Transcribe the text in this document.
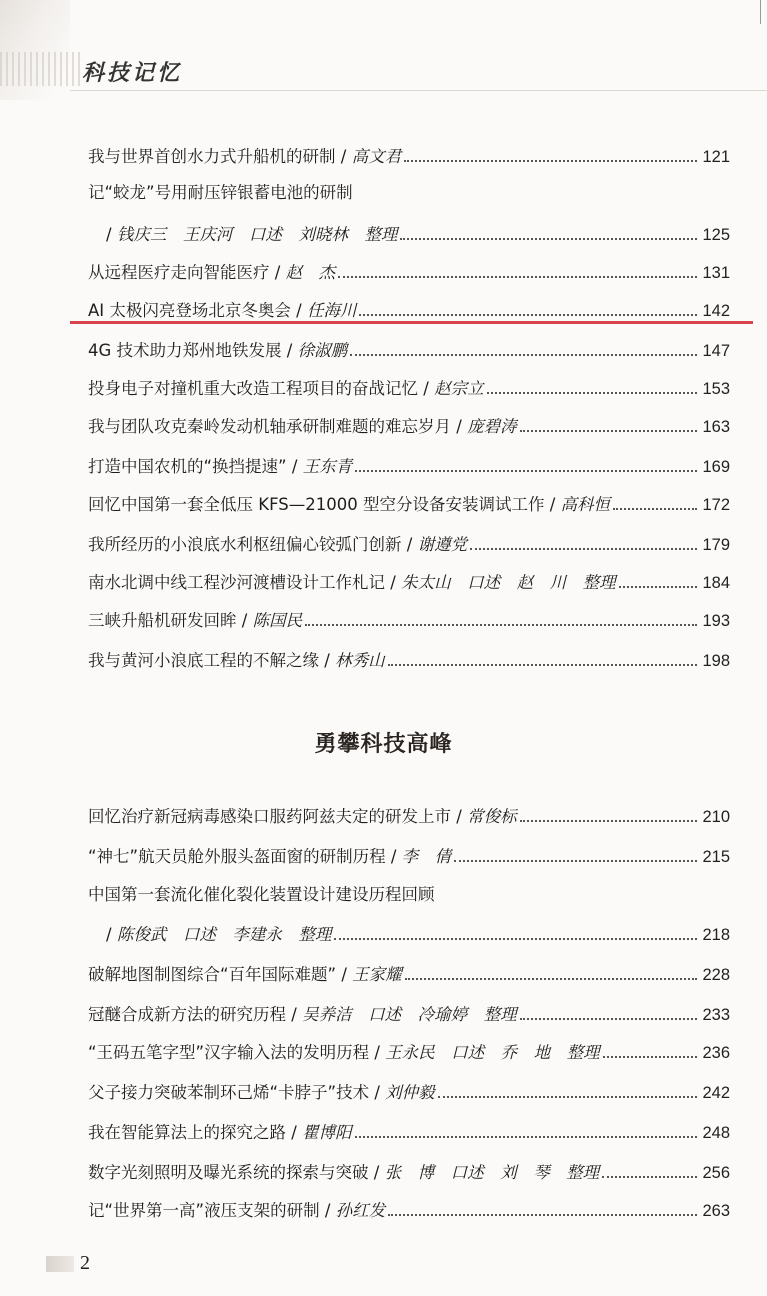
科技记忆
我与世界首创水力式升船机的研制 / 高文君	121
记“蛟龙”号用耐压锌银蓄电池的研制
/ 钱庆三　王庆河　口述　刘晓林　整理	125
从远程医疗走向智能医疗 / 赵　杰	131
AI 太极闪亮登场北京冬奥会 / 任海川	142
4G 技术助力郑州地铁发展 / 徐淑鹏	147
投身电子对撞机重大改造工程项目的奋战记忆 / 赵宗立	153
我与团队攻克秦岭发动机轴承研制难题的难忘岁月 / 庞碧涛	163
打造中国农机的“换挡提速” / 王东青	169
回忆中国第一套全低压 KFS—21000 型空分设备安装调试工作 / 高科恒	172
我所经历的小浪底水利枢纽偏心铰弧门创新 / 谢遵党	179
南水北调中线工程沙河渡槽设计工作札记 / 朱太山　口述　赵　川　整理	184
三峡升船机研发回眸 / 陈国民	193
我与黄河小浪底工程的不解之缘 / 林秀山	198
回忆治疗新冠病毒感染口服药阿兹夫定的研发上市 / 常俊标	210
“神七”航天员舱外服头盔面窗的研制历程 / 李　倩	215
中国第一套流化催化裂化装置设计建设历程回顾
/ 陈俊武　口述　李建永　整理	218
破解地图制图综合“百年国际难题” / 王家耀	228
冠醚合成新方法的研究历程 / 吴养洁　口述　冷瑜婷　整理	233
“王码五笔字型”汉字输入法的发明历程 / 王永民　口述　乔　地　整理	236
父子接力突破苯制环己烯“卡脖子”技术 / 刘仲毅	242
我在智能算法上的探究之路 / 瞿博阳	248
数字光刻照明及曝光系统的探索与突破 / 张　博　口述　刘　琴　整理	256
记“世界第一高”液压支架的研制 / 孙红发	263
勇攀科技高峰
2
